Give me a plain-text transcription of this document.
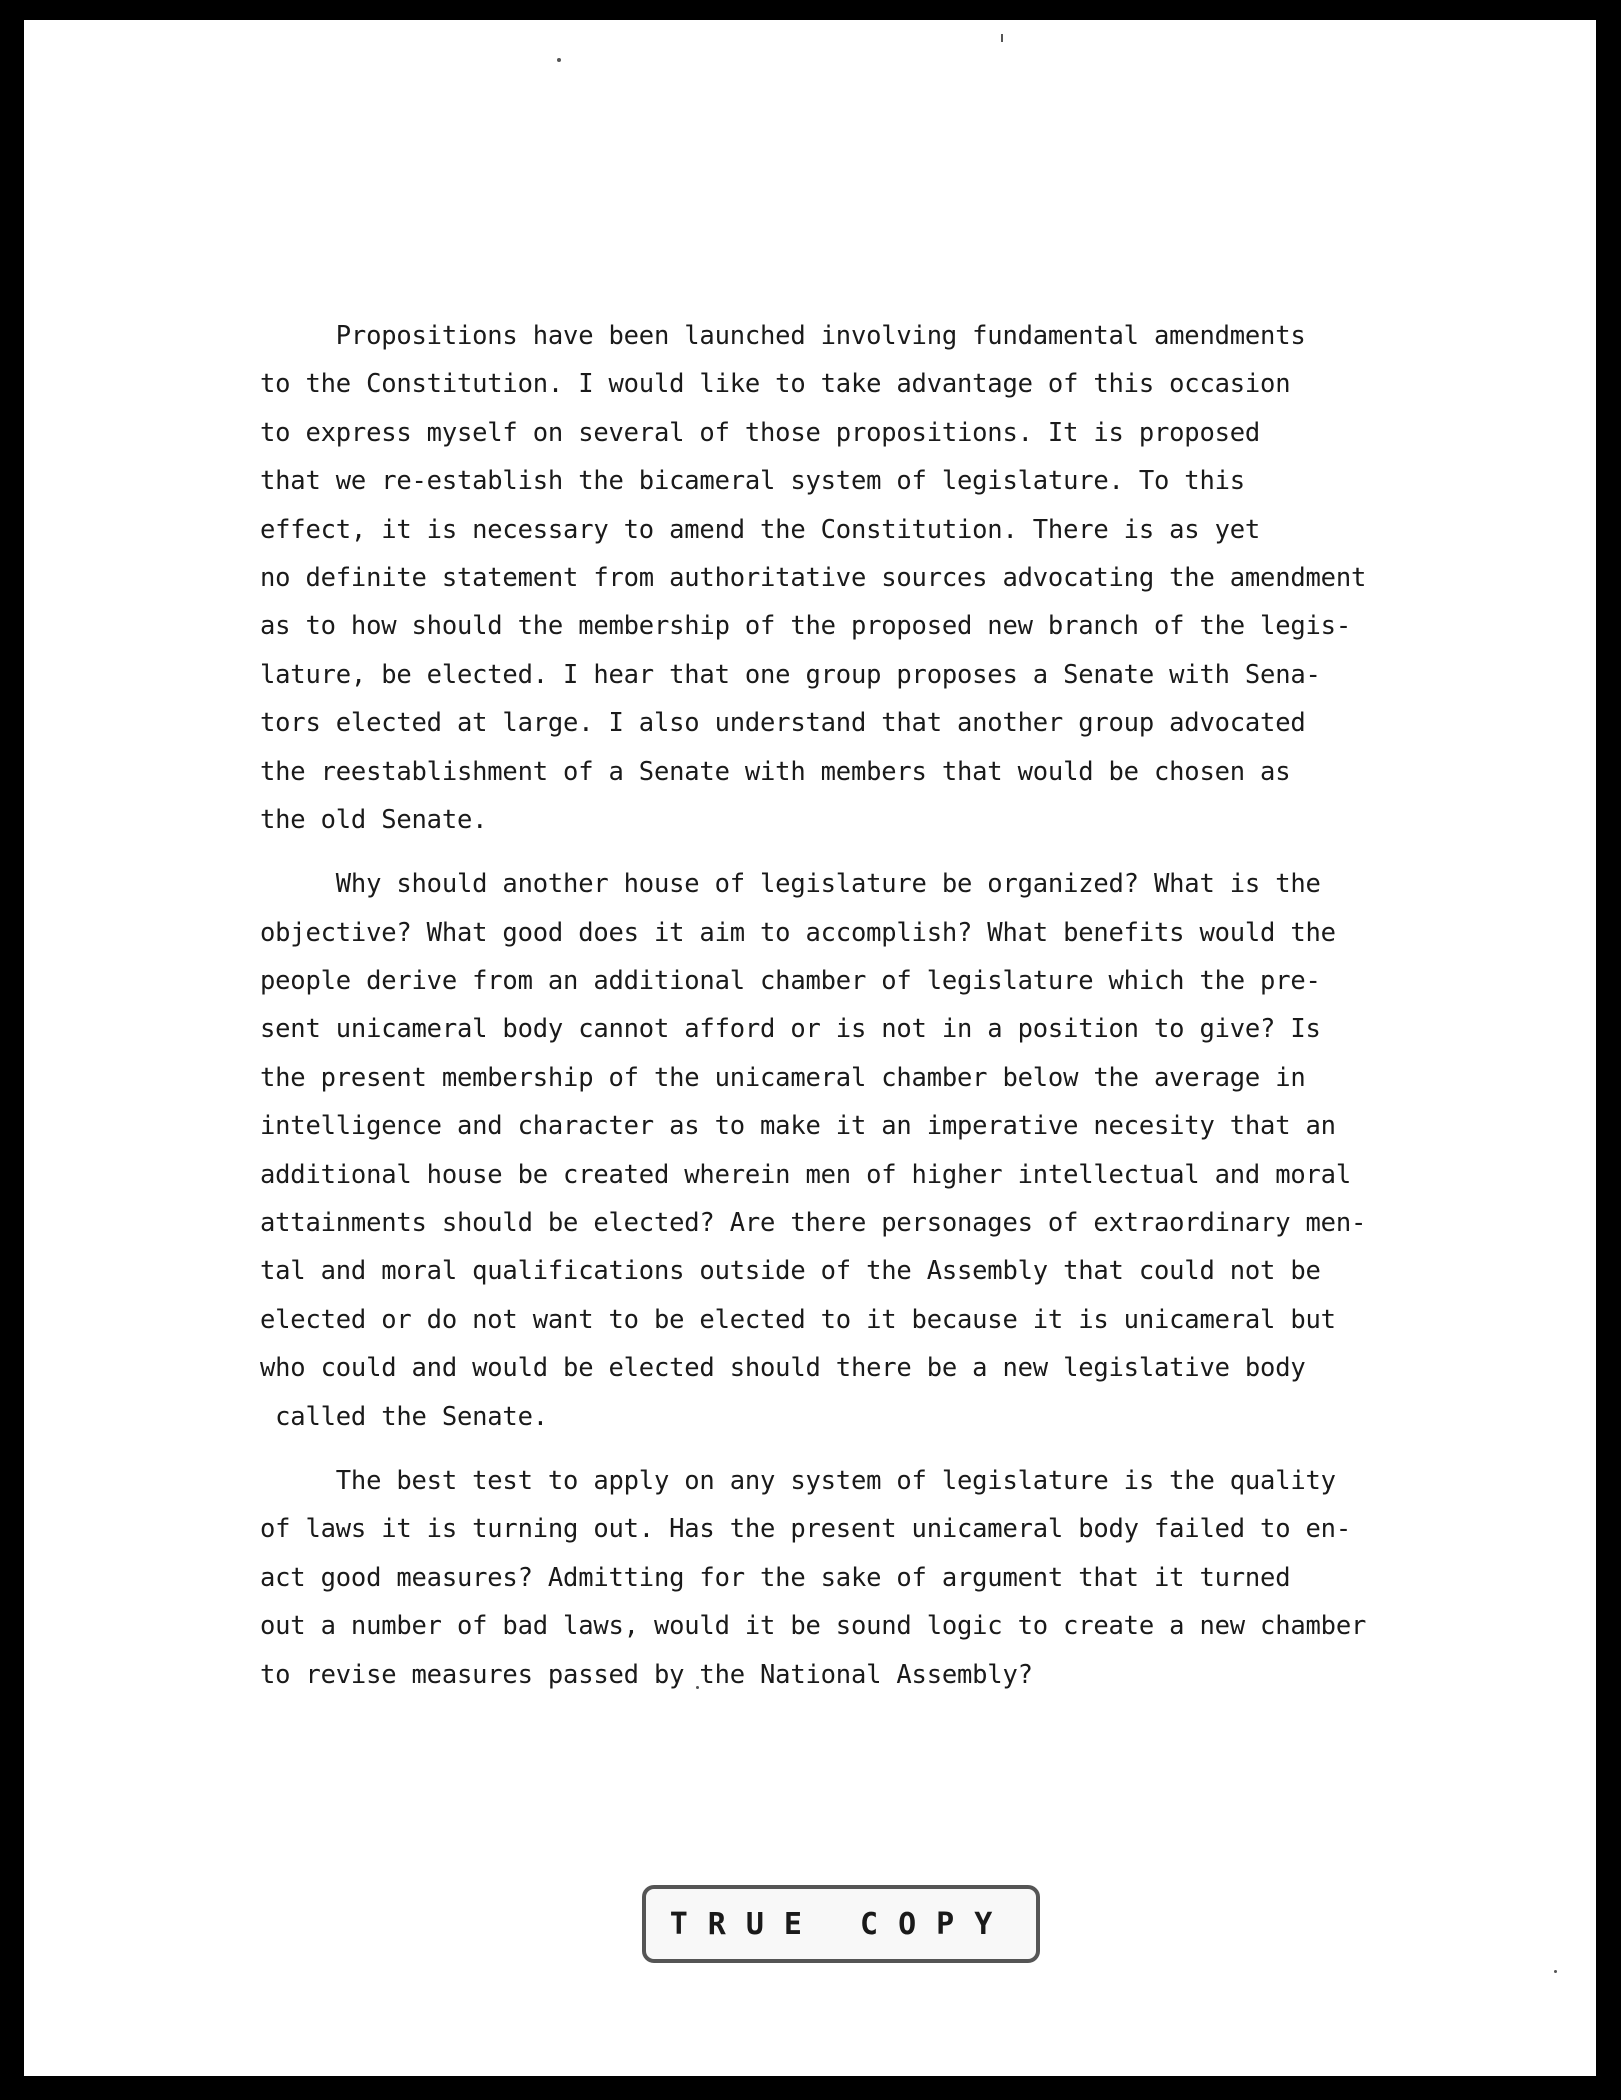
Propositions have been launched involving fundamental amendments
to the Constitution. I would like to take advantage of this occasion
to express myself on several of those propositions. It is proposed
that we re-establish the bicameral system of legislature. To this
effect, it is necessary to amend the Constitution. There is as yet
no definite statement from authoritative sources advocating the amendment
as to how should the membership of the proposed new branch of the legis-
lature, be elected. I hear that one group proposes a Senate with Sena-
tors elected at large. I also understand that another group advocated
the reestablishment of a Senate with members that would be chosen as
the old Senate.
Why should another house of legislature be organized? What is the
objective? What good does it aim to accomplish? What benefits would the
people derive from an additional chamber of legislature which the pre-
sent unicameral body cannot afford or is not in a position to give? Is
the present membership of the unicameral chamber below the average in
intelligence and character as to make it an imperative necesity that an
additional house be created wherein men of higher intellectual and moral
attainments should be elected? Are there personages of extraordinary men-
tal and moral qualifications outside of the Assembly that could not be
elected or do not want to be elected to it because it is unicameral but
who could and would be elected should there be a new legislative body
called the Senate.
The best test to apply on any system of legislature is the quality
of laws it is turning out. Has the present unicameral body failed to en-
act good measures? Admitting for the sake of argument that it turned
out a number of bad laws, would it be sound logic to create a new chamber
to revise measures passed by the National Assembly?
TRUE COPY
